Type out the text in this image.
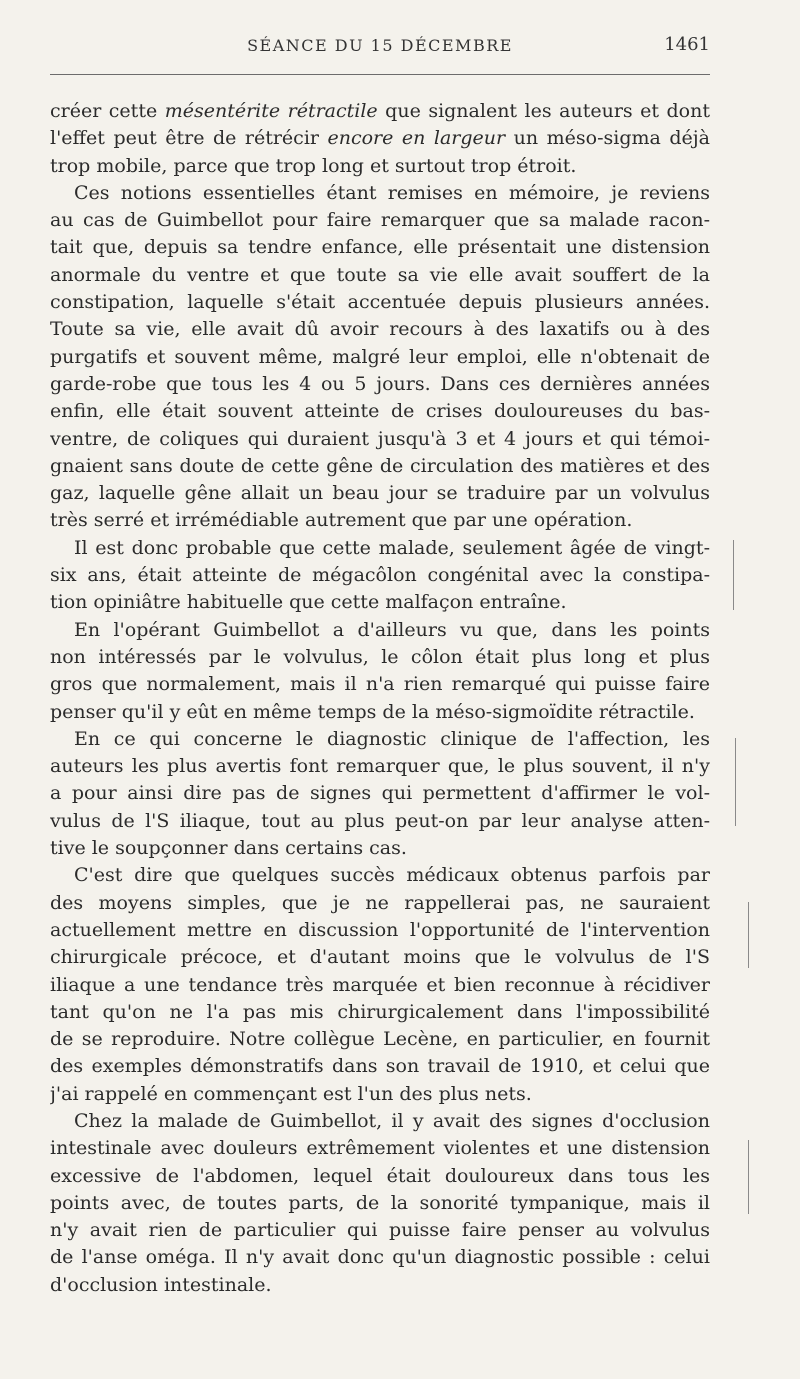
SÉANCE DU 15 DÉCEMBRE	1461
créer cette mésentérite rétractile que signalent les auteurs et dont
l'effet peut être de rétrécir encore en largeur un méso-sigma déjà
trop mobile, parce que trop long et surtout trop étroit.
Ces notions essentielles étant remises en mémoire, je reviens
au cas de Guimbellot pour faire remarquer que sa malade racon-
tait que, depuis sa tendre enfance, elle présentait une distension
anormale du ventre et que toute sa vie elle avait souffert de la
constipation, laquelle s'était accentuée depuis plusieurs années.
Toute sa vie, elle avait dû avoir recours à des laxatifs ou à des
purgatifs et souvent même, malgré leur emploi, elle n'obtenait de
garde-robe que tous les 4 ou 5 jours. Dans ces dernières années
enfin, elle était souvent atteinte de crises douloureuses du bas-
ventre, de coliques qui duraient jusqu'à 3 et 4 jours et qui témoi-
gnaient sans doute de cette gêne de circulation des matières et des
gaz, laquelle gêne allait un beau jour se traduire par un volvulus
très serré et irrémédiable autrement que par une opération.
Il est donc probable que cette malade, seulement âgée de vingt-
six ans, était atteinte de mégacôlon congénital avec la constipa-
tion opiniâtre habituelle que cette malfaçon entraîne.
En l'opérant Guimbellot a d'ailleurs vu que, dans les points
non intéressés par le volvulus, le côlon était plus long et plus
gros que normalement, mais il n'a rien remarqué qui puisse faire
penser qu'il y eût en même temps de la méso-sigmoïdite rétractile.
En ce qui concerne le diagnostic clinique de l'affection, les
auteurs les plus avertis font remarquer que, le plus souvent, il n'y
a pour ainsi dire pas de signes qui permettent d'affirmer le vol-
vulus de l'S iliaque, tout au plus peut-on par leur analyse atten-
tive le soupçonner dans certains cas.
C'est dire que quelques succès médicaux obtenus parfois par
des moyens simples, que je ne rappellerai pas, ne sauraient
actuellement mettre en discussion l'opportunité de l'intervention
chirurgicale précoce, et d'autant moins que le volvulus de l'S
iliaque a une tendance très marquée et bien reconnue à récidiver
tant qu'on ne l'a pas mis chirurgicalement dans l'impossibilité
de se reproduire. Notre collègue Lecène, en particulier, en fournit
des exemples démonstratifs dans son travail de 1910, et celui que
j'ai rappelé en commençant est l'un des plus nets.
Chez la malade de Guimbellot, il y avait des signes d'occlusion
intestinale avec douleurs extrêmement violentes et une distension
excessive de l'abdomen, lequel était douloureux dans tous les
points avec, de toutes parts, de la sonorité tympanique, mais il
n'y avait rien de particulier qui puisse faire penser au volvulus
de l'anse oméga. Il n'y avait donc qu'un diagnostic possible : celui
d'occlusion intestinale.
